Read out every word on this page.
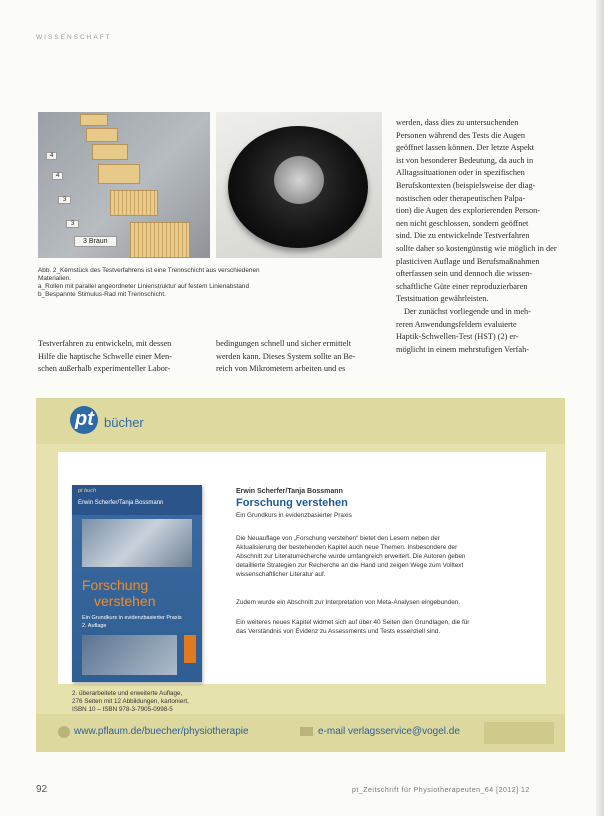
WISSENSCHAFT
4
4
3
3
3 Braun
Abb. 2_Kernstück des Testverfahrens ist eine Trennschicht aus verschiedenen
Materialien.
a_Rollen mit parallel angeordneter Linienstruktur auf festem Linienabstand
b_Bespannte Stimulus-Rad mit Trennschicht.
werden, dass dies zu untersuchenden
Personen während des Tests die Augen
geöffnet lassen können. Der letzte Aspekt
ist von besonderer Bedeutung, da auch in
Alltagssituationen oder in spezifischen
Berufskontexten (beispielsweise der diag-
nostischen oder therapeutischen Palpa-
tion) die Augen des explorierenden Person-
nen nicht geschlossen, sondern geöffnet
sind. Die zu entwickelnde Testverfahren
sollte daher so kostengünstig wie möglich in der
plasticiven Auflage und Berufsmaßnahmen
ofterfassen sein und dennoch die wissen-
schaftliche Güte einer reproduzierbaren
Testsituation gewährleisten.
Der zunächst vorliegende und in meh-
reren Anwendungsfeldern evaluierte
Haptik-Schwellen-Test (HST) (2) er-
möglicht in einem mehrstufigen Verfah-
Testverfahren zu entwickeln, mit dessen
Hilfe die haptische Schwelle einer Men-
schen außerhalb experimenteller Labor-
bedingungen schnell und sicher ermittelt
werden kann. Dieses System sollte an Be-
reich von Mikrometern arbeiten und es
pt bücher
pt buch
Erwin Scherfer/Tanja Bossmann
Forschung
verstehen
Ein Grundkurs in evidenzbasierter Praxis
2. Auflage
Erwin Scherfer/Tanja Bossmann
Forschung verstehen
Ein Grundkurs in evidenzbasierter Praxis
Die Neuauflage von „Forschung verstehen“ bietet den Lesern neben der
Aktualisierung der bestehenden Kapitel auch neue Themen. Insbesondere der
Abschnitt zur Literaturrecherche wurde umfangreich erweitert. Die Autoren geben
detaillierte Strategien zur Recherche an die Hand und zeigen Wege zum Volltext
wissenschaftlicher Literatur auf.
Zudem wurde ein Abschnitt zur Interpretation von Meta-Analysen eingebunden.
Ein weiteres neues Kapitel widmet sich auf über 40 Seiten den Grundlagen, die für
das Verständnis von Evidenz zu Assessments und Tests essenziell sind.
2. überarbeitete und erweiterte Auflage,
276 Seiten mit 12 Abbildungen, kartoniert,
ISBN 10 – ISBN 978-3-7905-0998-5
www.pflaum.de/buecher/physiotherapie	e-mail verlagsservice@vogel.de
92	pt_Zeitschrift für Physiotherapeuten_64 [2012] 12
